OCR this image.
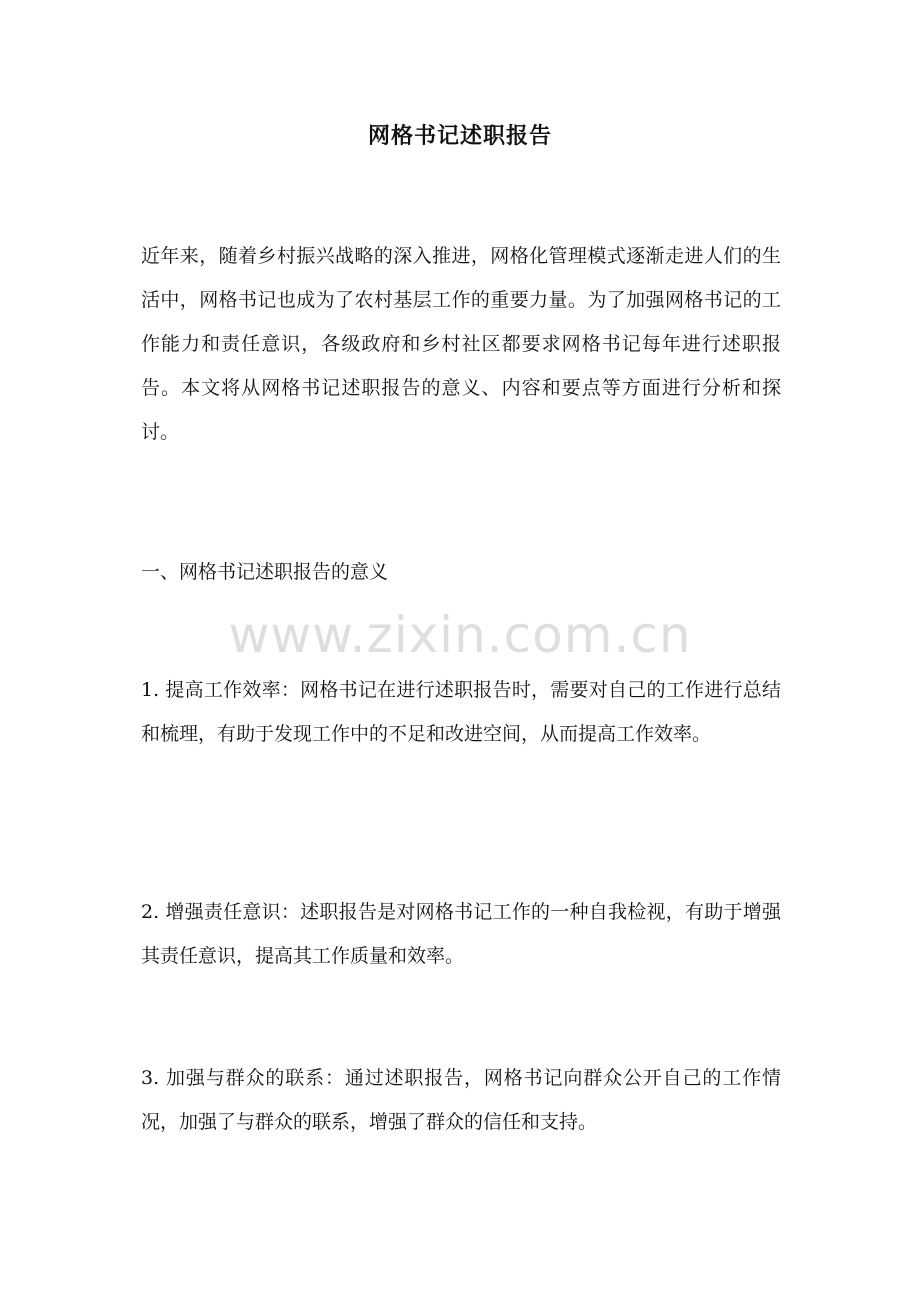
网格书记述职报告

近年来，随着乡村振兴战略的深入推进，网格化管理模式逐渐走进人们的生活中，网格书记也成为了农村基层工作的重要力量。为了加强网格书记的工作能力和责任意识，各级政府和乡村社区都要求网格书记每年进行述职报告。本文将从网格书记述职报告的意义、内容和要点等方面进行分析和探讨。

一、网格书记述职报告的意义

www.zixin.com.cn

1. 提高工作效率：网格书记在进行述职报告时，需要对自己的工作进行总结和梳理，有助于发现工作中的不足和改进空间，从而提高工作效率。

2. 增强责任意识：述职报告是对网格书记工作的一种自我检视，有助于增强其责任意识，提高其工作质量和效率。

3. 加强与群众的联系：通过述职报告，网格书记向群众公开自己的工作情况，加强了与群众的联系，增强了群众的信任和支持。
